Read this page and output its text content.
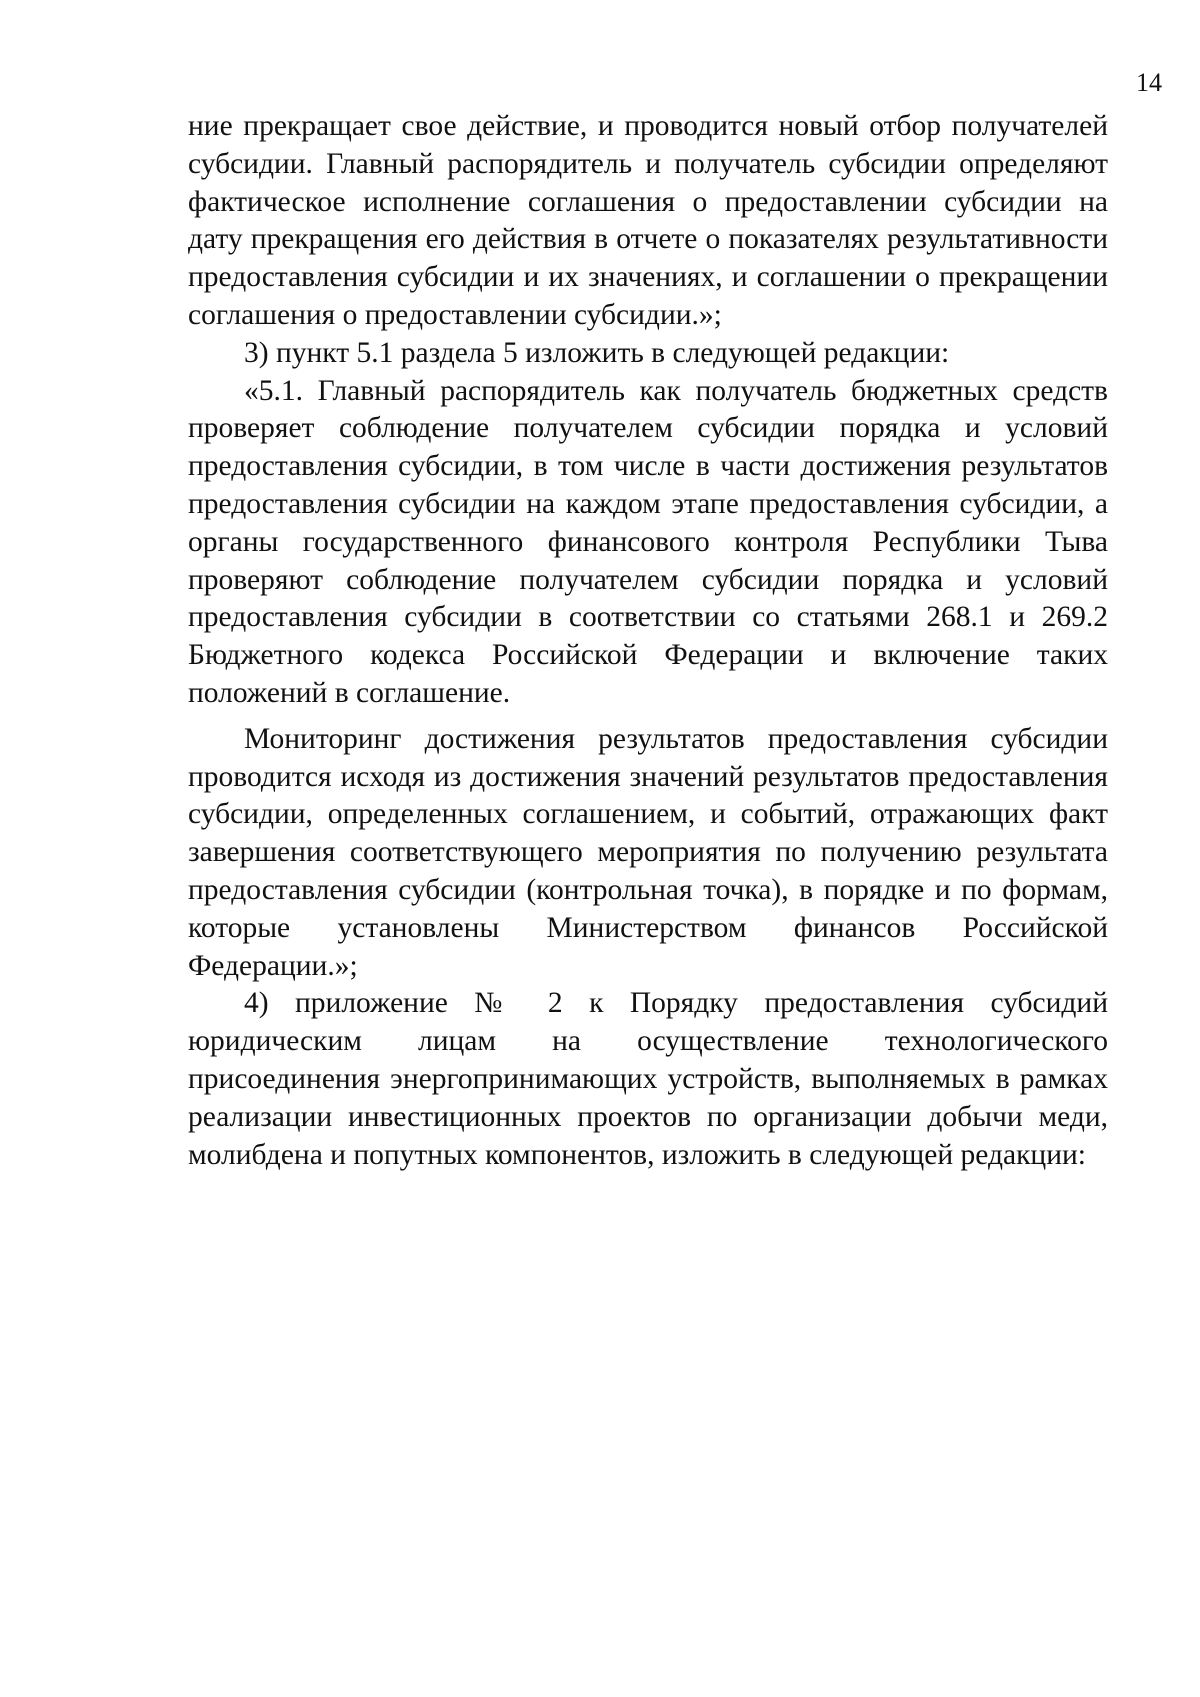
14

ние прекращает свое действие, и проводится новый отбор получателей субсидии. Главный распорядитель и получатель субсидии определяют фактическое исполнение соглашения о предоставлении субсидии на дату прекращения его действия в отчете о показателях результативности предоставления субсидии и их значениях, и соглашении о прекращении соглашения о предоставлении субсидии.»;

3) пункт 5.1 раздела 5 изложить в следующей редакции:

«5.1. Главный распорядитель как получатель бюджетных средств проверяет соблюдение получателем субсидии порядка и условий предоставления субсидии, в том числе в части достижения результатов предоставления субсидии на каждом этапе предоставления субсидии, а органы государственного финансового контроля Республики Тыва проверяют соблюдение получателем субсидии порядка и условий предоставления субсидии в соответствии со статьями 268.1 и 269.2 Бюджетного кодекса Российской Федерации и включение таких положений в соглашение.

Мониторинг достижения результатов предоставления субсидии проводится исходя из достижения значений результатов предоставления субсидии, определенных соглашением, и событий, отражающих факт завершения соответствующего мероприятия по получению результата предоставления субсидии (контрольная точка), в порядке и по формам, которые установлены Министерством финансов Российской Федерации.»;

4) приложение № 2 к Порядку предоставления субсидий юридическим лицам на осуществление технологического присоединения энергопринимающих устройств, выполняемых в рамках реализации инвестиционных проектов по организации добычи меди, молибдена и попутных компонентов, изложить в следующей редакции:
